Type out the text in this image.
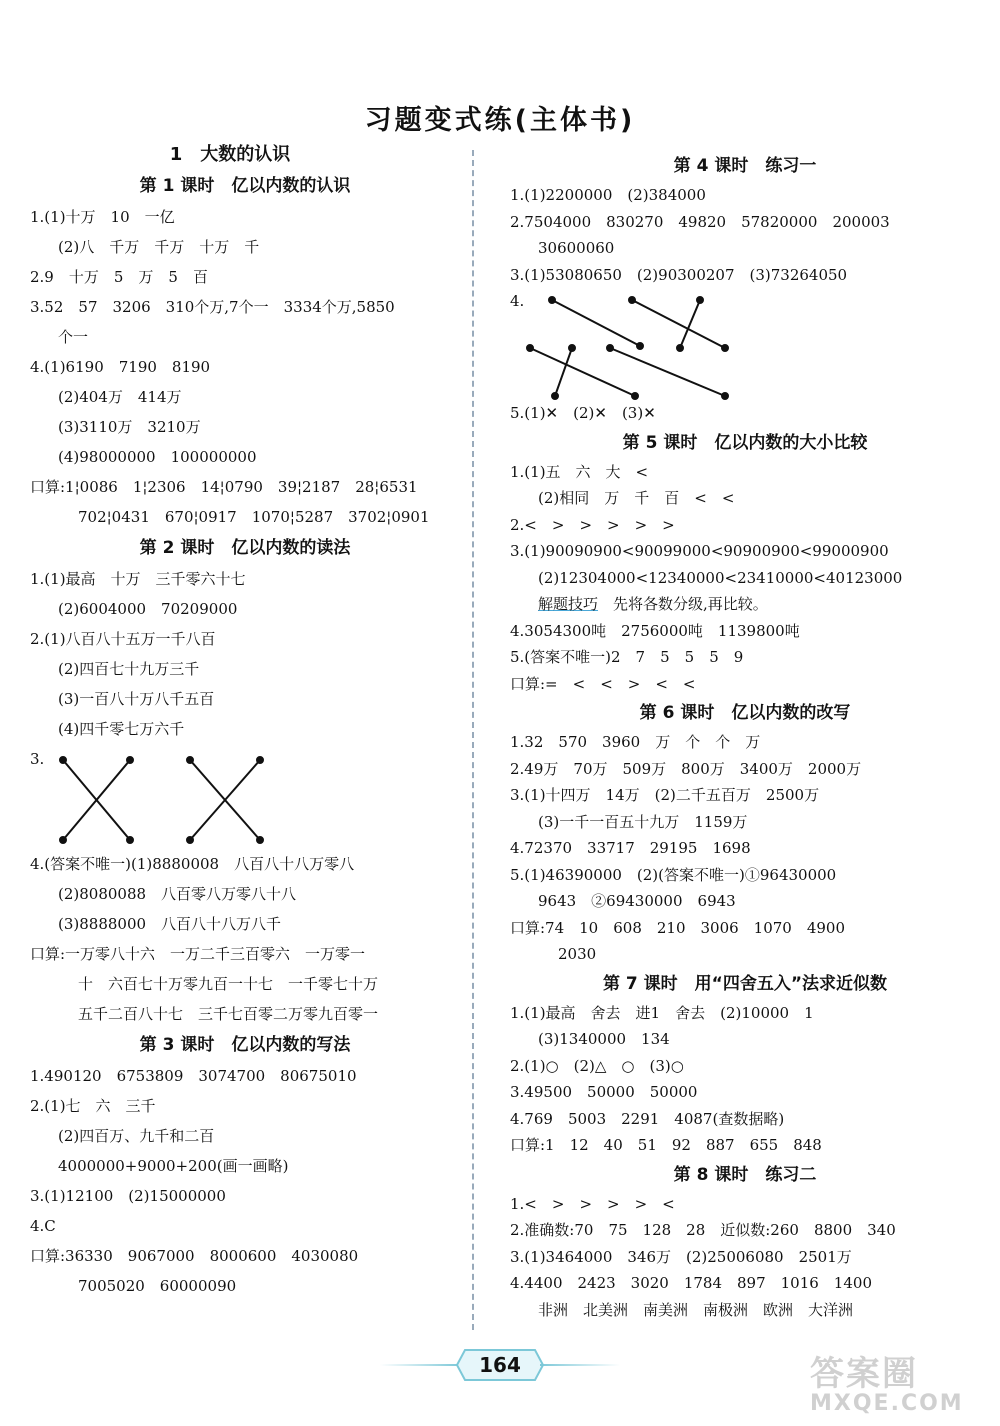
习题变式练(主体书)
1　大数的认识
第 1 课时　亿以内数的认识
1.(1)十万　10　一亿
(2)八　千万　千万　十万　千
2.9　十万　5　万　5　百
3.52　57　3206　310个万,7个一　3334个万,5850
个一
4.(1)6190　7190　8190
(2)404万　414万
(3)3110万　3210万
(4)98000000　100000000
口算:1¦0086　1¦2306　14¦0790　39¦2187　28¦6531
702¦0431　670¦0917　1070¦5287　3702¦0901
第 2 课时　亿以内数的读法
1.(1)最高　十万　三千零六十七
(2)6004000　70209000
2.(1)八百八十五万一千八百
(2)四百七十九万三千
(3)一百八十万八千五百
(4)四千零七万六千
3.
4.(答案不唯一)(1)8880008　八百八十八万零八
(2)8080088　八百零八万零八十八
(3)8888000　八百八十八万八千
口算:一万零八十六　一万二千三百零六　一万零一
十　六百七十万零九百一十七　一千零七十万
五千二百八十七　三千七百零二万零九百零一
第 3 课时　亿以内数的写法
1.490120　6753809　3074700　80675010
2.(1)七　六　三千
(2)四百万、九千和二百
4000000+9000+200(画一画略)
3.(1)12100　(2)15000000
4.C
口算:36330　9067000　8000600　4030080
7005020　60000090
第 4 课时　练习一
1.(1)2200000　(2)384000
2.7504000　830270　49820　57820000　200003
30600060
3.(1)53080650　(2)90300207　(3)73264050
4.
5.(1)✕　(2)✕　(3)✕
第 5 课时　亿以内数的大小比较
1.(1)五　六　大　<
(2)相同　万　千　百　<　<
2.<　>　>　>　>　>
3.(1)90090900<90099000<90900900<99000900
(2)12304000<12340000<23410000<40123000
解题技巧　先将各数分级,再比较。
4.3054300吨　2756000吨　1139800吨
5.(答案不唯一)2　7　5　5　5　9
口算:=　<　<　>　<　<
第 6 课时　亿以内数的改写
1.32　570　3960　万　个　个　万
2.49万　70万　509万　800万　3400万　2000万
3.(1)十四万　14万　(2)二千五百万　2500万
(3)一千一百五十九万　1159万
4.72370　33717　29195　1698
5.(1)46390000　(2)(答案不唯一)①96430000
9643　②69430000　6943
口算:74　10　608　210　3006　1070　4900
2030
第 7 课时　用“四舍五入”法求近似数
1.(1)最高　舍去　进1　舍去　(2)10000　1
(3)1340000　134
2.(1)○　(2)△　○　(3)○
3.49500　50000　50000
4.769　5003　2291　4087(查数据略)
口算:1　12　40　51　92　887　655　848
第 8 课时　练习二
1.<　>　>　>　>　<
2.准确数:70　75　128　28　近似数:260　8800　340
3.(1)3464000　346万　(2)25006080　2501万
4.4400　2423　3020　1784　897　1016　1400
非洲　北美洲　南美洲　南极洲　欧洲　大洋洲
164	答案圈
MXQE.COM
